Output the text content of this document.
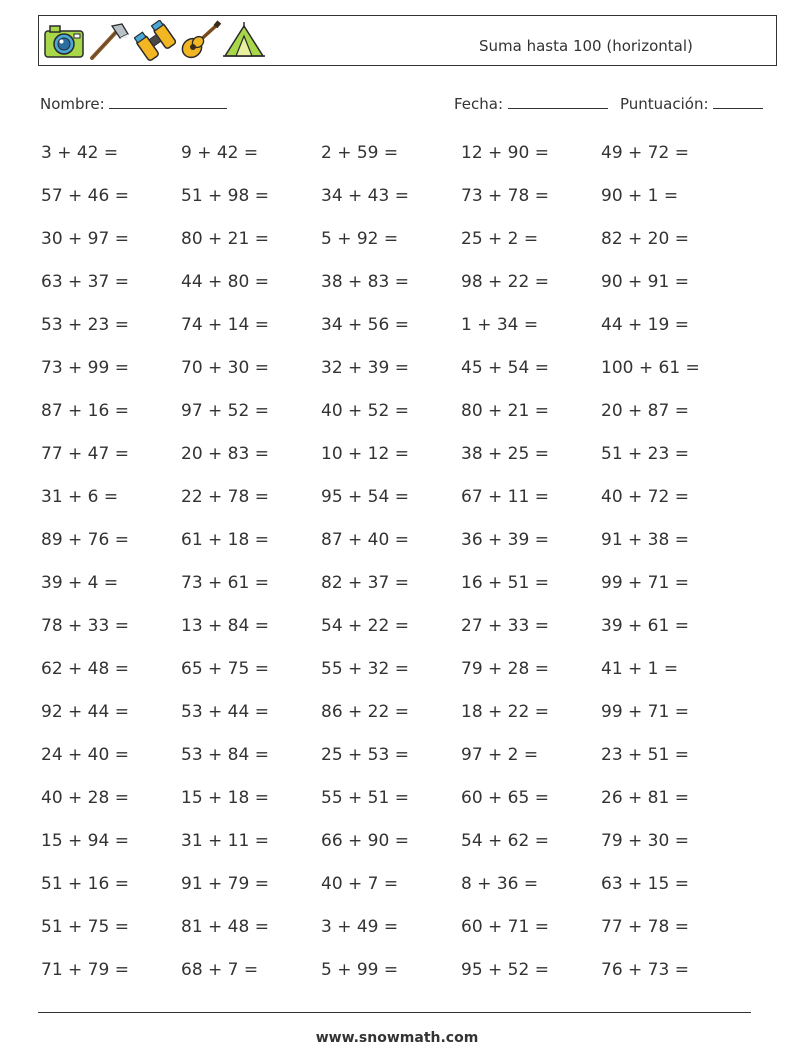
Suma hasta 100 (horizontal)
Nombre:	Fecha:	Puntuación:
3 + 42 =	9 + 42 =	2 + 59 =	12 + 90 =	49 + 72 =
57 + 46 =	51 + 98 =	34 + 43 =	73 + 78 =	90 + 1 =
30 + 97 =	80 + 21 =	5 + 92 =	25 + 2 =	82 + 20 =
63 + 37 =	44 + 80 =	38 + 83 =	98 + 22 =	90 + 91 =
53 + 23 =	74 + 14 =	34 + 56 =	1 + 34 =	44 + 19 =
73 + 99 =	70 + 30 =	32 + 39 =	45 + 54 =	100 + 61 =
87 + 16 =	97 + 52 =	40 + 52 =	80 + 21 =	20 + 87 =
77 + 47 =	20 + 83 =	10 + 12 =	38 + 25 =	51 + 23 =
31 + 6 =	22 + 78 =	95 + 54 =	67 + 11 =	40 + 72 =
89 + 76 =	61 + 18 =	87 + 40 =	36 + 39 =	91 + 38 =
39 + 4 =	73 + 61 =	82 + 37 =	16 + 51 =	99 + 71 =
78 + 33 =	13 + 84 =	54 + 22 =	27 + 33 =	39 + 61 =
62 + 48 =	65 + 75 =	55 + 32 =	79 + 28 =	41 + 1 =
92 + 44 =	53 + 44 =	86 + 22 =	18 + 22 =	99 + 71 =
24 + 40 =	53 + 84 =	25 + 53 =	97 + 2 =	23 + 51 =
40 + 28 =	15 + 18 =	55 + 51 =	60 + 65 =	26 + 81 =
15 + 94 =	31 + 11 =	66 + 90 =	54 + 62 =	79 + 30 =
51 + 16 =	91 + 79 =	40 + 7 =	8 + 36 =	63 + 15 =
51 + 75 =	81 + 48 =	3 + 49 =	60 + 71 =	77 + 78 =
71 + 79 =	68 + 7 =	5 + 99 =	95 + 52 =	76 + 73 =
www.snowmath.com
